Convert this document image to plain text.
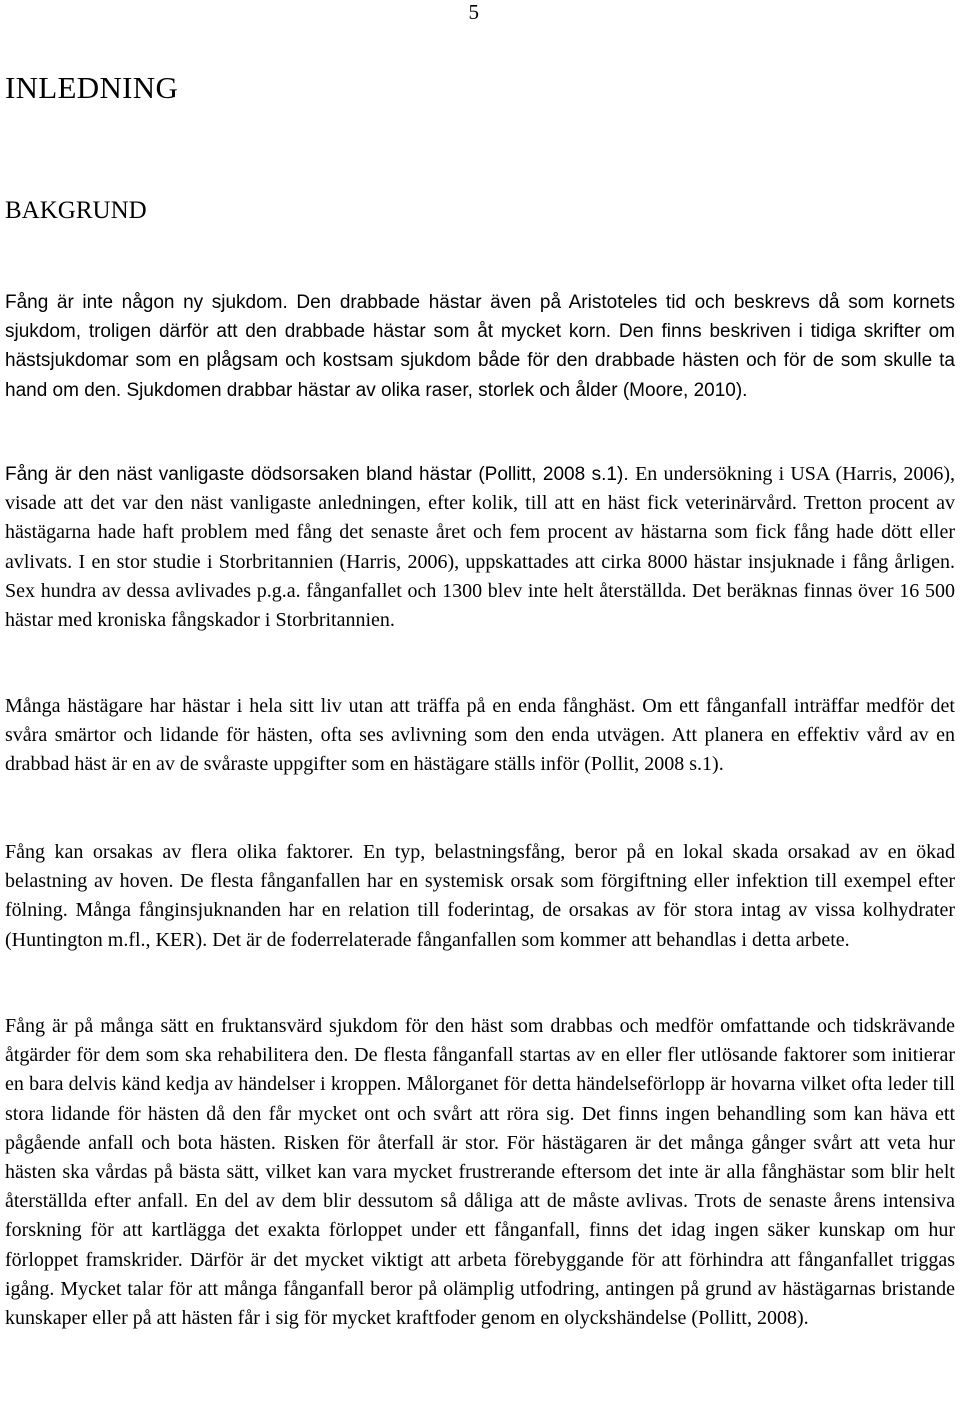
5
INLEDNING
BAKGRUND

Fång är inte någon ny sjukdom. Den drabbade hästar även på Aristoteles tid och beskrevs då som kornets sjukdom, troligen därför att den drabbade hästar som åt mycket korn. Den finns beskriven i tidiga skrifter om hästsjukdomar som en plågsam och kostsam sjukdom både för den drabbade hästen och för de som skulle ta hand om den. Sjukdomen drabbar hästar av olika raser, storlek och ålder (Moore, 2010).

Fång är den näst vanligaste dödsorsaken bland hästar (Pollitt, 2008 s.1). En undersökning i USA (Harris, 2006), visade att det var den näst vanligaste anledningen, efter kolik, till att en häst fick veterinärvård. Tretton procent av hästägarna hade haft problem med fång det senaste året och fem procent av hästarna som fick fång hade dött eller avlivats. I en stor studie i Storbritannien (Harris, 2006), uppskattades att cirka 8000 hästar insjuknade i fång årligen. Sex hundra av dessa avlivades p.g.a. fånganfallet och 1300 blev inte helt återställda. Det beräknas finnas över 16 500 hästar med kroniska fångskador i Storbritannien.

Många hästägare har hästar i hela sitt liv utan att träffa på en enda fånghäst. Om ett fånganfall inträffar medför det svåra smärtor och lidande för hästen, ofta ses avlivning som den enda utvägen. Att planera en effektiv vård av en drabbad häst är en av de svåraste uppgifter som en hästägare ställs inför (Pollit, 2008 s.1).

Fång kan orsakas av flera olika faktorer. En typ, belastningsfång, beror på en lokal skada orsakad av en ökad belastning av hoven. De flesta fånganfallen har en systemisk orsak som förgiftning eller infektion till exempel efter fölning. Många fånginsjuknanden har en relation till foderintag, de orsakas av för stora intag av vissa kolhydrater (Huntington m.fl., KER). Det är de foderrelaterade fånganfallen som kommer att behandlas i detta arbete.

Fång är på många sätt en fruktansvärd sjukdom för den häst som drabbas och medför omfattande och tidskrävande åtgärder för dem som ska rehabilitera den. De flesta fånganfall startas av en eller fler utlösande faktorer som initierar en bara delvis känd kedja av händelser i kroppen. Målorganet för detta händelseförlopp är hovarna vilket ofta leder till stora lidande för hästen då den får mycket ont och svårt att röra sig. Det finns ingen behandling som kan häva ett pågående anfall och bota hästen. Risken för återfall är stor. För hästägaren är det många gånger svårt att veta hur hästen ska vårdas på bästa sätt, vilket kan vara mycket frustrerande eftersom det inte är alla fånghästar som blir helt återställda efter anfall. En del av dem blir dessutom så dåliga att de måste avlivas. Trots de senaste årens intensiva forskning för att kartlägga det exakta förloppet under ett fånganfall, finns det idag ingen säker kunskap om hur förloppet framskrider. Därför är det mycket viktigt att arbeta förebyggande för att förhindra att fånganfallet triggas igång. Mycket talar för att många fånganfall beror på olämplig utfodring, antingen på grund av hästägarnas bristande kunskaper eller på att hästen får i sig för mycket kraftfoder genom en olyckshändelse (Pollitt, 2008).
